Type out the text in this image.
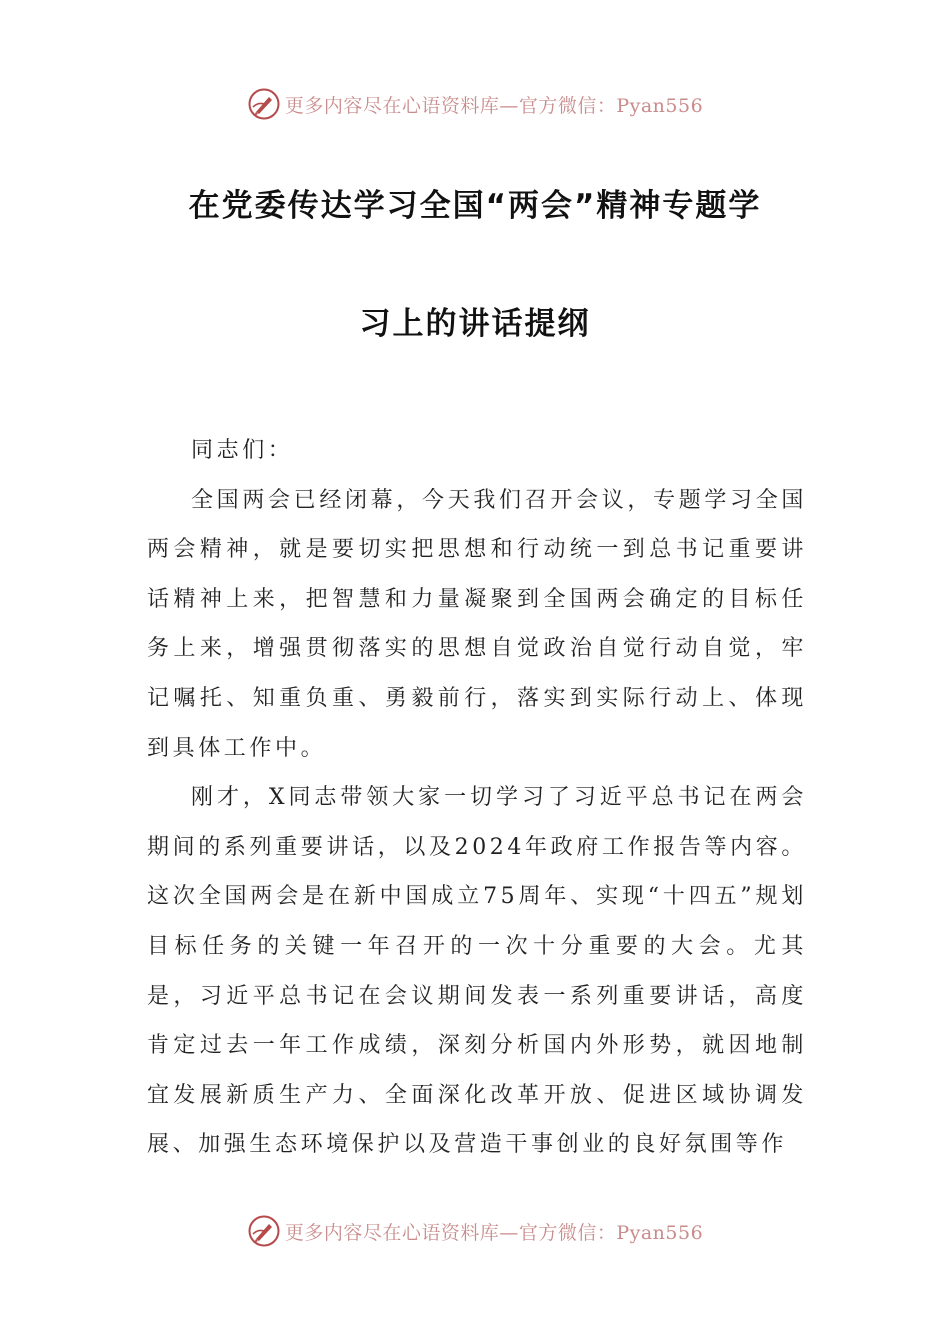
更多内容尽在心语资料库—官方微信：Pyan556
在党委传达学习全国“两会”精神专题学
习上的讲话提纲

同志们：

全国两会已经闭幕，今天我们召开会议，专题学习全国两会精神，就是要切实把思想和行动统一到总书记重要讲话精神上来，把智慧和力量凝聚到全国两会确定的目标任务上来，增强贯彻落实的思想自觉政治自觉行动自觉，牢记嘱托、知重负重、勇毅前行，落实到实际行动上、体现到具体工作中。

刚才，X同志带领大家一切学习了习近平总书记在两会期间的系列重要讲话，以及2024年政府工作报告等内容。这次全国两会是在新中国成立75周年、实现“十四五”规划目标任务的关键一年召开的一次十分重要的大会。尤其是，习近平总书记在会议期间发表一系列重要讲话，高度肯定过去一年工作成绩，深刻分析国内外形势，就因地制宜发展新质生产力、全面深化改革开放、促进区域协调发展、加强生态环境保护以及营造干事创业的良好氛围等作

更多内容尽在心语资料库—官方微信：Pyan556
